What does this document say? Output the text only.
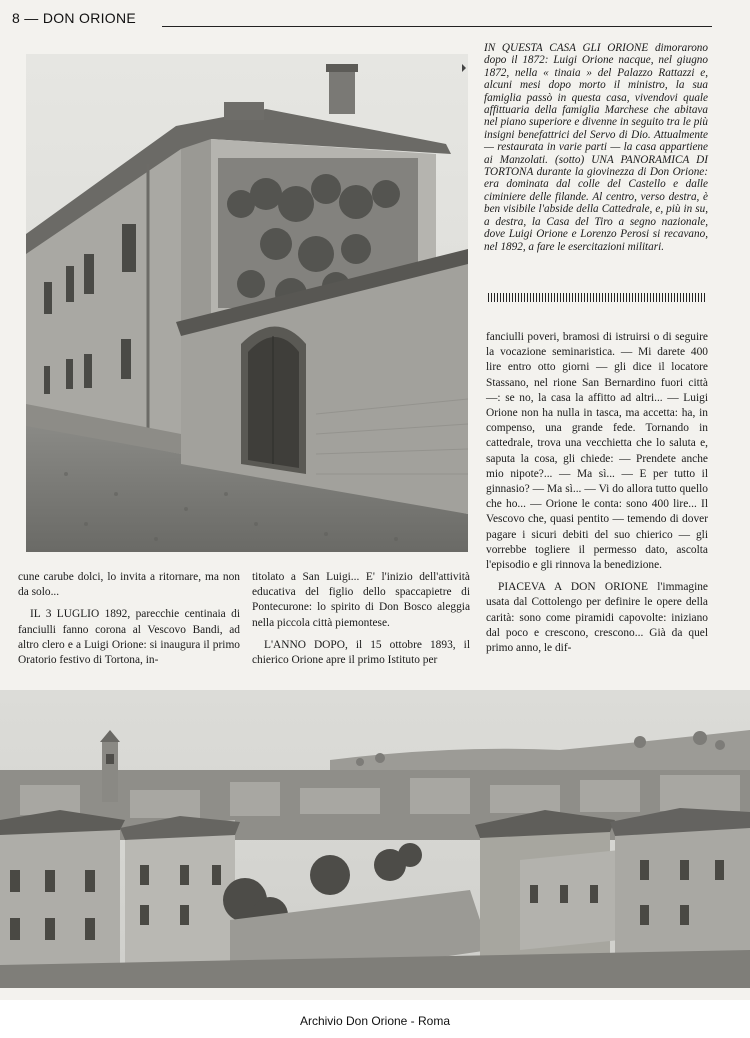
8 — DON ORIONE
IN QUESTA CASA GLI ORIONE dimorarono dopo il 1872: Luigi Orione nacque, nel giugno 1872, nella « tinaia » del Palazzo Rattazzi e, alcuni mesi dopo morto il ministro, la sua famiglia passò in questa casa, vivendovi quale affittuaria della famiglia Marchese che abitava nel piano superiore e divenne in seguito tra le più insigni benefattrici del Servo di Dio. Attualmente — restaurata in varie parti — la casa appartiene ai Manzolati. (sotto) UNA PANORAMICA DI TORTONA durante la giovinezza di Don Orione: era dominata dal colle del Castello e dalle ciminiere delle filande. Al centro, verso destra, è ben visibile l'abside della Cattedrale, e, più in su, a destra, la Casa del Tiro a segno nazionale, dove Luigi Orione e Lorenzo Perosi si recavano, nel 1892, a fare le esercitazioni militari.

cune carube dolci, lo invita a ritornare, ma non da solo...

IL 3 LUGLIO 1892, parecchie centinaia di fanciulli fanno corona al Vescovo Bandi, ad altro clero e a Luigi Orione: si inaugura il primo Oratorio festivo di Tortona, in-

titolato a San Luigi... E' l'inizio dell'attività educativa del figlio dello spaccapietre di Pontecurone: lo spirito di Don Bosco aleggia nella piccola città piemontese.

L'ANNO DOPO, il 15 ottobre 1893, il chierico Orione apre il primo Istituto per

fanciulli poveri, bramosi di istruirsi o di seguire la vocazione seminaristica. — Mi darete 400 lire entro otto giorni — gli dice il locatore Stassano, nel rione San Bernardino fuori città —: se no, la casa la affitto ad altri... — Luigi Orione non ha nulla in tasca, ma accetta: ha, in compenso, una grande fede. Tornando in cattedrale, trova una vecchietta che lo saluta e, saputa la cosa, gli chiede: — Prendete anche mio nipote?... — Ma sì... — E per tutto il ginnasio? — Ma sì... — Vi do allora tutto quello che ho... — Orione le conta: sono 400 lire... Il Vescovo che, quasi pentito — temendo di dover pagare i sicuri debiti del suo chierico — gli vorrebbe togliere il permesso dato, ascolta l'episodio e gli rinnova la benedizione.

PIACEVA A DON ORIONE l'immagine usata dal Cottolengo per definire le opere della carità: sono come piramidi capovolte: iniziano dal poco e crescono, crescono... Già da quel primo anno, le dif-

Archivio Don Orione - Roma
